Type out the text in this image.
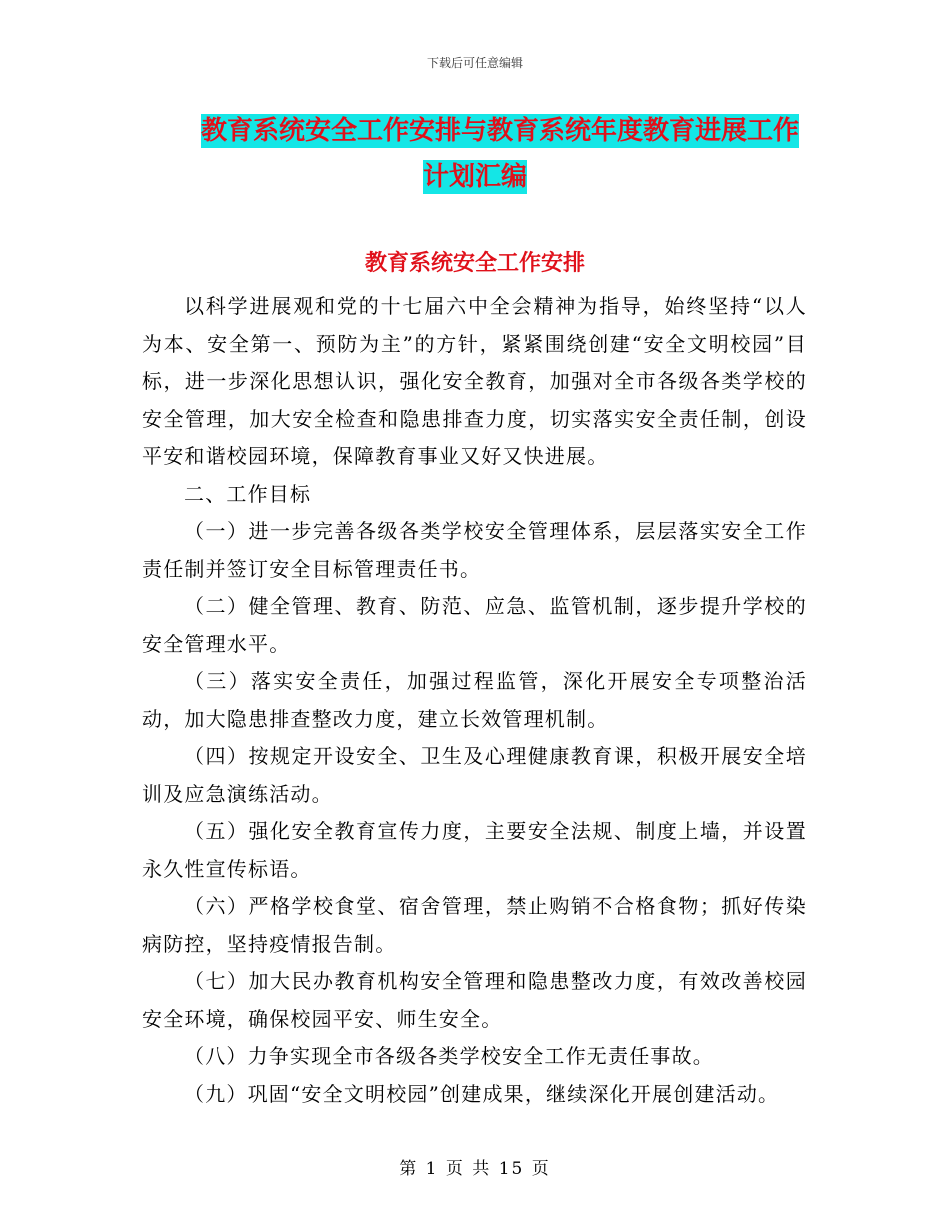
下载后可任意编辑
教育系统安全工作安排与教育系统年度教育进展工作
计划汇编
教育系统安全工作安排

以科学进展观和党的十七届六中全会精神为指导，始终坚持“以人为本、安全第一、预防为主”的方针，紧紧围绕创建“安全文明校园”目标，进一步深化思想认识，强化安全教育，加强对全市各级各类学校的安全管理，加大安全检查和隐患排查力度，切实落实安全责任制，创设平安和谐校园环境，保障教育事业又好又快进展。

二、工作目标

（一）进一步完善各级各类学校安全管理体系，层层落实安全工作责任制并签订安全目标管理责任书。

（二）健全管理、教育、防范、应急、监管机制，逐步提升学校的安全管理水平。

（三）落实安全责任，加强过程监管，深化开展安全专项整治活动，加大隐患排查整改力度，建立长效管理机制。

（四）按规定开设安全、卫生及心理健康教育课，积极开展安全培训及应急演练活动。

（五）强化安全教育宣传力度，主要安全法规、制度上墙，并设置永久性宣传标语。

（六）严格学校食堂、宿舍管理，禁止购销不合格食物；抓好传染病防控，坚持疫情报告制。

（七）加大民办教育机构安全管理和隐患整改力度，有效改善校园安全环境，确保校园平安、师生安全。

（八）力争实现全市各级各类学校安全工作无责任事故。

（九）巩固“安全文明校园”创建成果，继续深化开展创建活动。

第 1 页 共 15 页
